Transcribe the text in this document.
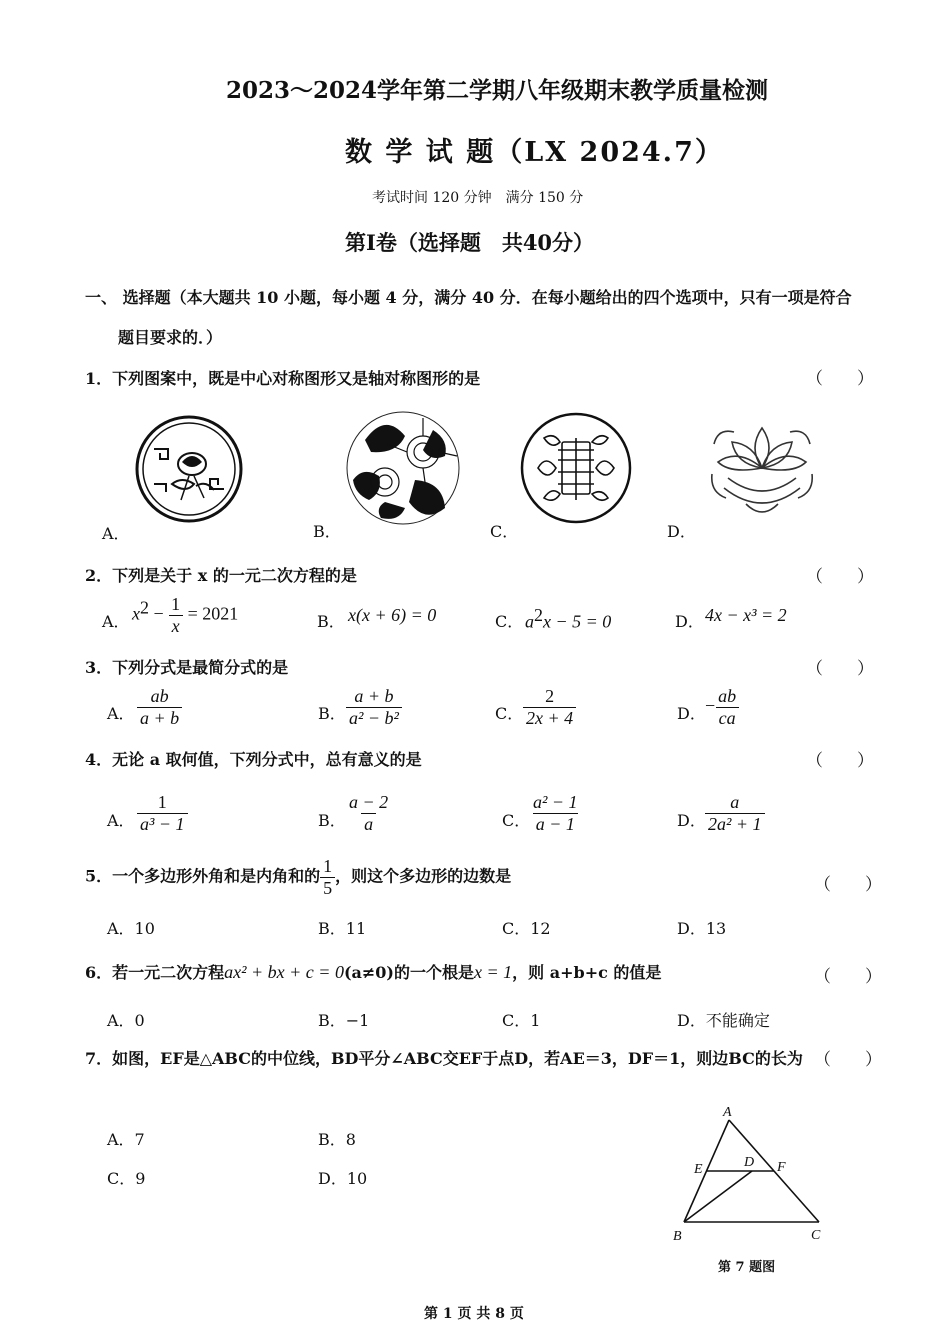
2023～2024学年第二学期八年级期末教学质量检测
数 学 试 题（LX 2024.7）
考试时间 120 分钟　满分 150 分
第Ⅰ卷（选择题　共40分）
一、 选择题（本大题共 10 小题，每小题 4 分，满分 40 分．在每小题给出的四个选项中，只有一项是符合
题目要求的．）
1．下列图案中，既是中心对称图形又是轴对称图形的是	（　　）
A．	B．	C．	D．
2．下列是关于 x 的一元二次方程的是	（　　）
A． $x^2 - \frac{1}{x} = 2021$	B． x(x + 6) = 0	C． $a^2x - 5 = 0$	D． 4x − x³ = 2
3．下列分式是最简分式的是	（　　）
A． $\frac{ab}{a + b}$	B． $\frac{a + b}{\text{a² − b²}}$	C． $\frac{2}{2x + 4}$	D． − $\frac{ab}{ca}$
4．无论 a 取何值，下列分式中，总有意义的是	（　　）
A． $\frac{1}{\text{a³ − 1}}$	B． $\frac{a - 2}{a}$	C． $\frac{\text{a² − 1}}{a - 1}$	D． $\frac{a}{\text{2a² + 1}}$
5．一个多边形外角和是内角和的 $\frac{1}{5}$ ，则这个多边形的边数是	（　　）
A．10	B．11	C．12	D．13
6．若一元二次方程ax² + bx + c = 0(a≠0)的一个根是x = 1，则 a+b+c 的值是	（　　）
A．0	B．−1	C．1	D．不能确定
7．如图，EF是△ABC的中位线，BD平分∠ABC交EF于点D，若AE＝3，DF＝1，则边BC的长为 （　　）
A．7	B．8
C．9	D．10
A
E	D F
B	C
第 7 题图
第 1 页 共 8 页
